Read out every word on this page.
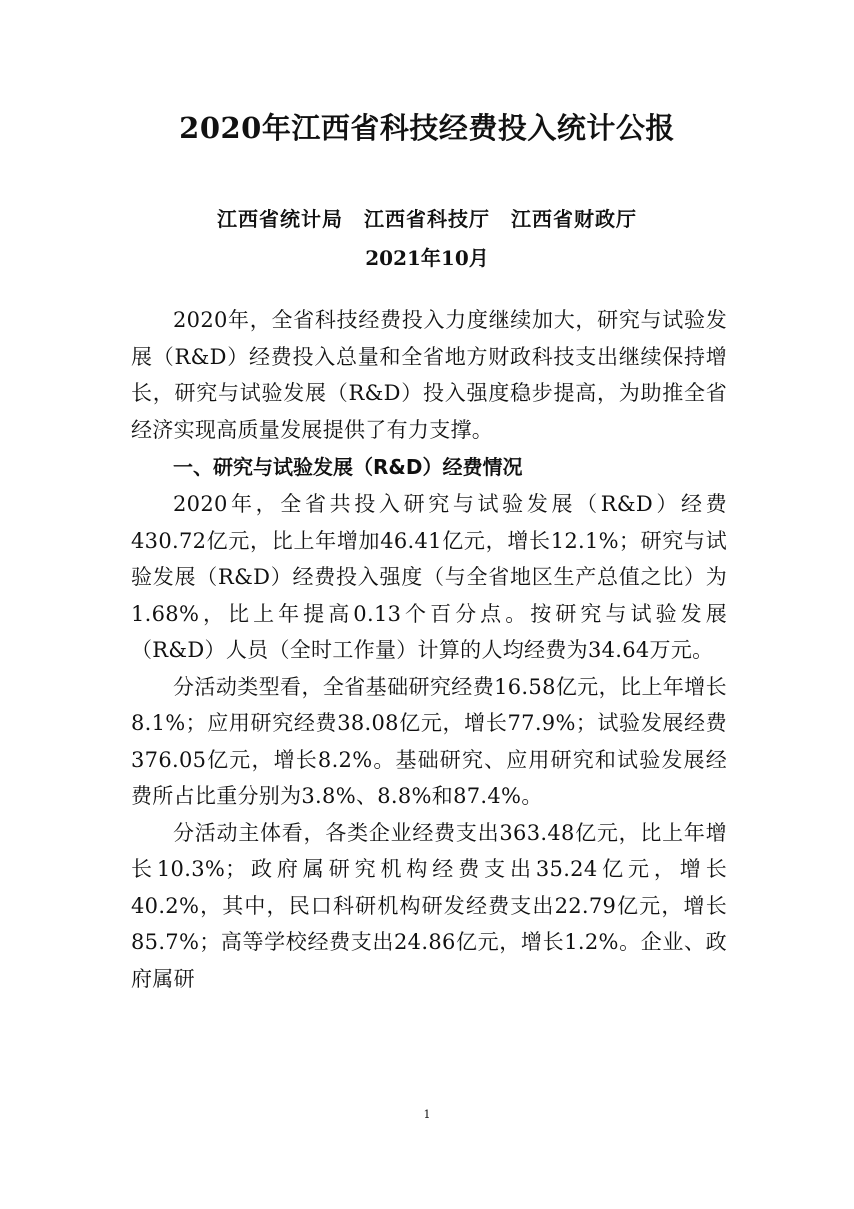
2020年江西省科技经费投入统计公报
江西省统计局　江西省科技厅　江西省财政厅
2021年10月

2020年，全省科技经费投入力度继续加大，研究与试验发展（R&D）经费投入总量和全省地方财政科技支出继续保持增长，研究与试验发展（R&D）投入强度稳步提高，为助推全省经济实现高质量发展提供了有力支撑。

一、研究与试验发展（R&D）经费情况

2020年，全省共投入研究与试验发展（R&D）经费430.72亿元，比上年增加46.41亿元，增长12.1%；研究与试验发展（R&D）经费投入强度（与全省地区生产总值之比）为1.68%，比上年提高0.13个百分点。按研究与试验发展（R&D）人员（全时工作量）计算的人均经费为34.64万元。

分活动类型看，全省基础研究经费16.58亿元，比上年增长8.1%；应用研究经费38.08亿元，增长77.9%；试验发展经费376.05亿元，增长8.2%。基础研究、应用研究和试验发展经费所占比重分别为3.8%、8.8%和87.4%。

分活动主体看，各类企业经费支出363.48亿元，比上年增长10.3%；政府属研究机构经费支出35.24亿元，增长40.2%，其中，民口科研机构研发经费支出22.79亿元，增长85.7%；高等学校经费支出24.86亿元，增长1.2%。企业、政府属研

1
